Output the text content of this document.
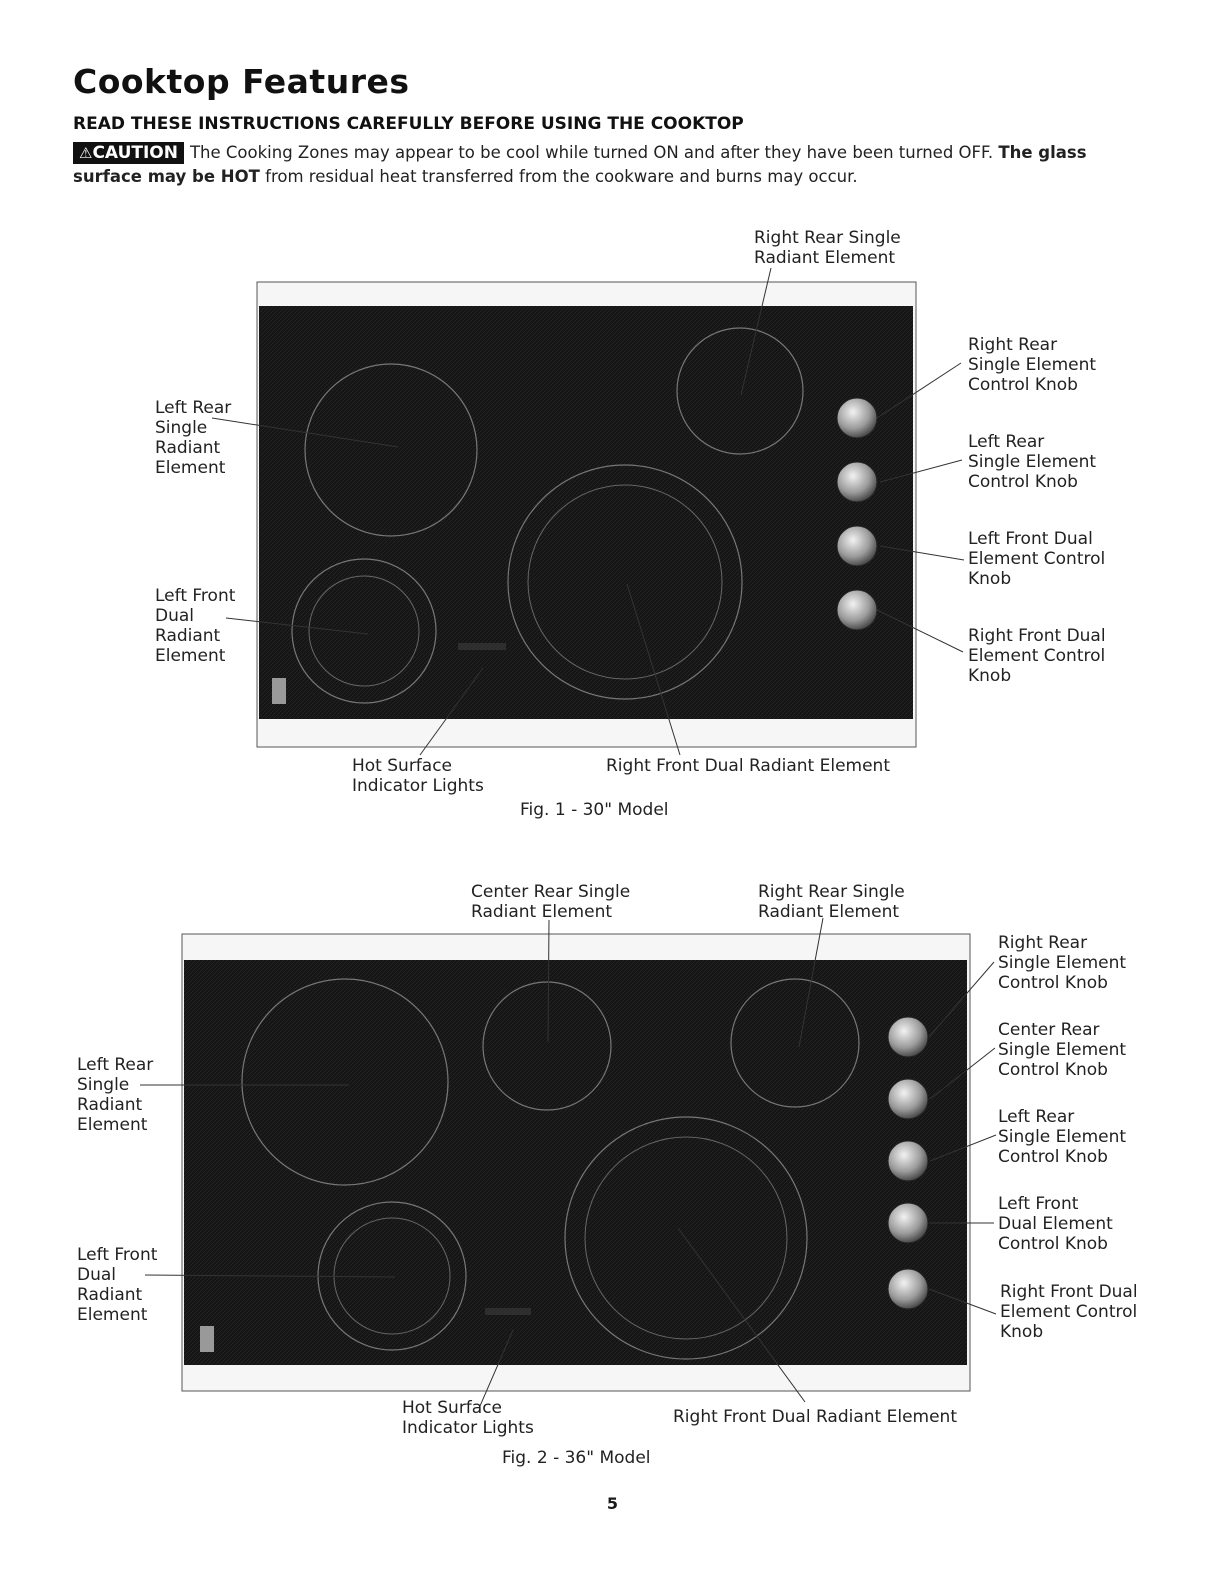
Cooktop Features
READ THESE INSTRUCTIONS CAREFULLY BEFORE USING THE COOKTOP
⚠CAUTION The Cooking Zones may appear to be cool while turned ON and after they have been turned OFF. The glass surface may be HOT from residual heat transferred from the cookware and burns may occur.
Right Rear Single
Radiant Element
Left Rear
Single
Radiant
Element
Left Front
Dual
Radiant
Element
Right Rear
Single Element
Control Knob
Left Rear
Single Element
Control Knob
Left Front Dual
Element Control
Knob
Right Front Dual
Element Control
Knob
Hot Surface
Indicator Lights
Right Front Dual Radiant Element
Fig. 1 - 30" Model
Center Rear Single
Radiant Element
Right Rear Single
Radiant Element
Left Rear
Single
Radiant
Element
Left Front
Dual
Radiant
Element
Right Rear
Single Element
Control Knob
Center Rear
Single Element
Control Knob
Left Rear
Single Element
Control Knob
Left Front
Dual Element
Control Knob
Right Front Dual
Element Control
Knob
Hot Surface
Indicator Lights
Right Front Dual Radiant Element
Fig. 2 - 36" Model
5
